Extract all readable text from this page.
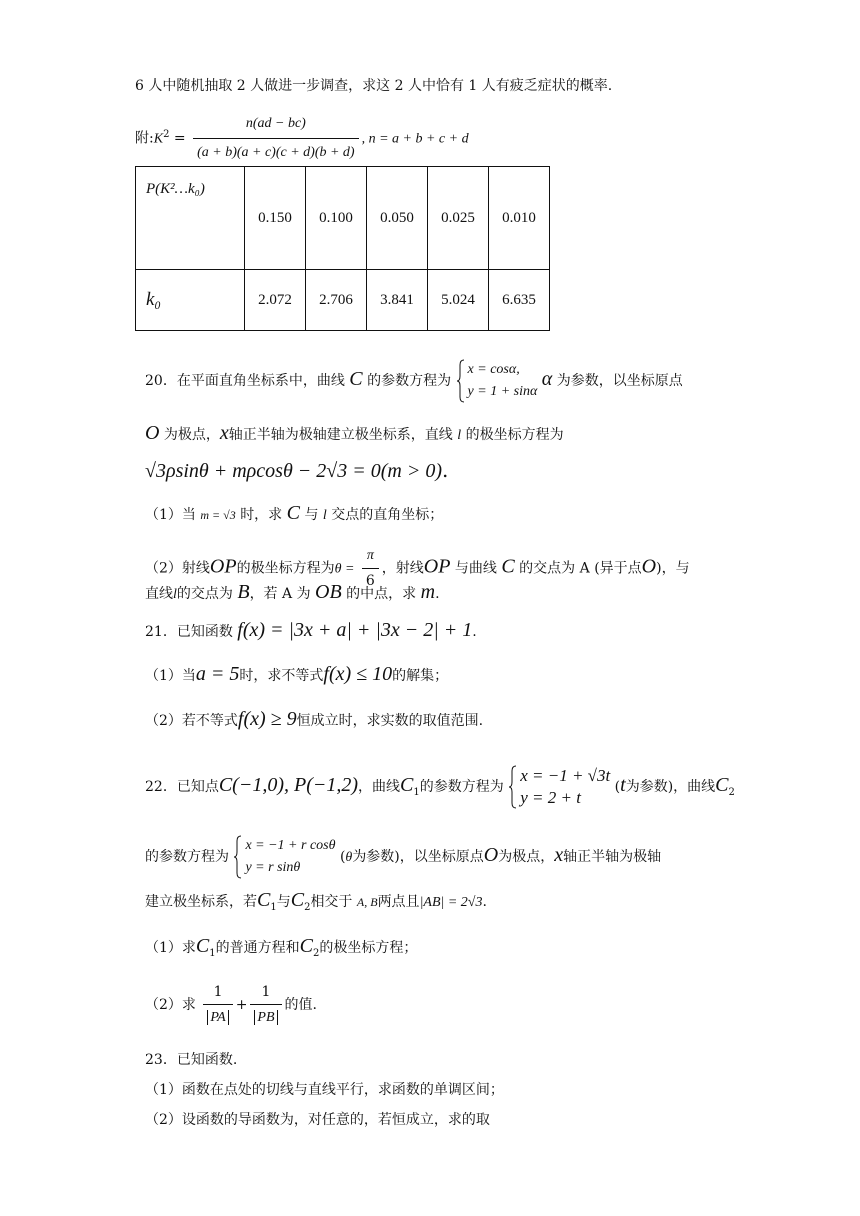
6 人中随机抽取 2 人做进一步调查，求这 2 人中恰有 1 人有疲乏症状的概率.
附$:K^2 = \frac{n(ad - bc)}{(a + b)(a + c)(c + d)(b + d)}$ , n = a + b + c + d
P(K²…k₀)	0.150	0.100	0.050	0.025	0.010
k₀	2.072	2.706	3.841	5.024	6.635
20．在平面直角坐标系中，曲线 C 的参数方程为
x = cosα,
y = 1 + sinα
α 为参数，以坐标原点
O 为极点，x轴正半轴为极轴建立极坐标系，直线 l 的极坐标方程为
√3ρsinθ + mρcosθ − 2√3 = 0(m > 0).
（1）当 m = √3 时，求 C 与 l 交点的直角坐标；
（2）射线OP的极坐标方程为$\theta = \frac{\pi}{6}$ ，射线OP 与曲线 C 的交点为 A (异于点O)，与
直线l的交点为 B，若 A 为 OB 的中点，求 m.
21．已知函数 f(x) = |3x + a| + |3x − 2| + 1.
（1）当a = 5时，求不等式f(x) ≤ 10的解集；
（2）若不等式f(x) ≥ 9恒成立时，求实数的取值范围.
22．已知点C(−1,0), P(−1,2)，曲线$C_1$的参数方程为
x = −1 + √3t
y = 2 + t
(t为参数)，曲线$C_2$
的参数方程为
x = −1 + r cosθ
y = r sinθ
(θ为参数)，以坐标原点O为极点，x轴正半轴为极轴
建立极坐标系，若$C_1$与$C_2$相交于 A, B两点且|AB| = 2√3.
（1）求$C_1$的普通方程和$C_2$的极坐标方程；
（2）求 $\frac{1}{PA} + \frac{1}{PB}$ 的值.
23．已知函数.
（1）函数在点处的切线与直线平行，求函数的单调区间；
（2）设函数的导函数为，对任意的，若恒成立，求的取
